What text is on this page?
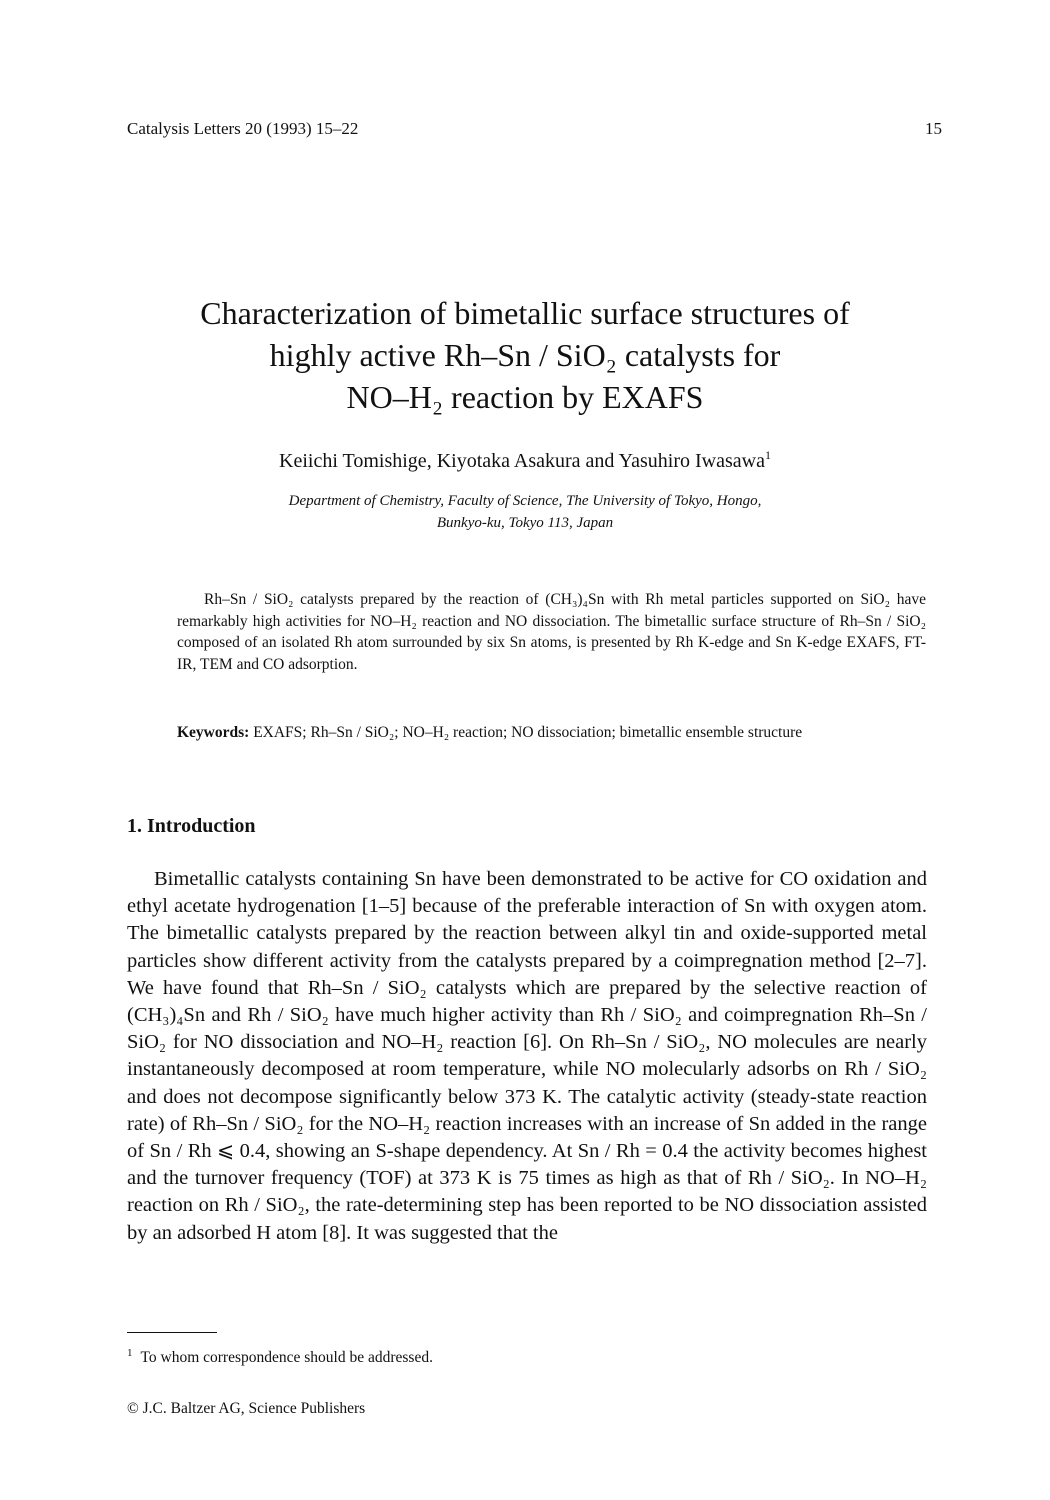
Catalysis Letters 20 (1993) 15–22	15
Characterization of bimetallic surface structures of
highly active Rh–Sn / SiO₂ catalysts for
NO–H₂ reaction by EXAFS
Keiichi Tomishige, Kiyotaka Asakura and Yasuhiro Iwasawa$^1$
Department of Chemistry, Faculty of Science, The University of Tokyo, Hongo,
Bunkyo-ku, Tokyo 113, Japan
Rh–Sn / SiO₂ catalysts prepared by the reaction of (CH₃)₄Sn with Rh metal particles supported on SiO₂ have remarkably high activities for NO–H₂ reaction and NO dissociation. The bimetallic surface structure of Rh–Sn / SiO₂ composed of an isolated Rh atom surrounded by six Sn atoms, is presented by Rh K-edge and Sn K-edge EXAFS, FT-IR, TEM and CO adsorption.
Keywords: EXAFS; Rh–Sn / SiO₂; NO–H₂ reaction; NO dissociation; bimetallic ensemble structure
1. Introduction
Bimetallic catalysts containing Sn have been demonstrated to be active for CO oxidation and ethyl acetate hydrogenation [1–5] because of the preferable interaction of Sn with oxygen atom. The bimetallic catalysts prepared by the reaction between alkyl tin and oxide-supported metal particles show different activity from the catalysts prepared by a coimpregnation method [2–7]. We have found that Rh–Sn / SiO₂ catalysts which are prepared by the selective reaction of (CH₃)₄Sn and Rh / SiO₂ have much higher activity than Rh / SiO₂ and coimpregnation Rh–Sn / SiO₂ for NO dissociation and NO–H₂ reaction [6]. On Rh–Sn / SiO₂, NO molecules are nearly instantaneously decomposed at room temperature, while NO molecularly adsorbs on Rh / SiO₂ and does not decompose significantly below 373 K. The catalytic activity (steady-state reaction rate) of Rh–Sn / SiO₂ for the NO–H₂ reaction increases with an increase of Sn added in the range of Sn / Rh ⩽ 0.4, showing an S-shape dependency. At Sn / Rh = 0.4 the activity becomes highest and the turnover frequency (TOF) at 373 K is 75 times as high as that of Rh / SiO₂. In NO–H₂ reaction on Rh / SiO₂, the rate-determining step has been reported to be NO dissociation assisted by an adsorbed H atom [8]. It was suggested that the
$^1$ To whom correspondence should be addressed.
© J.C. Baltzer AG, Science Publishers
